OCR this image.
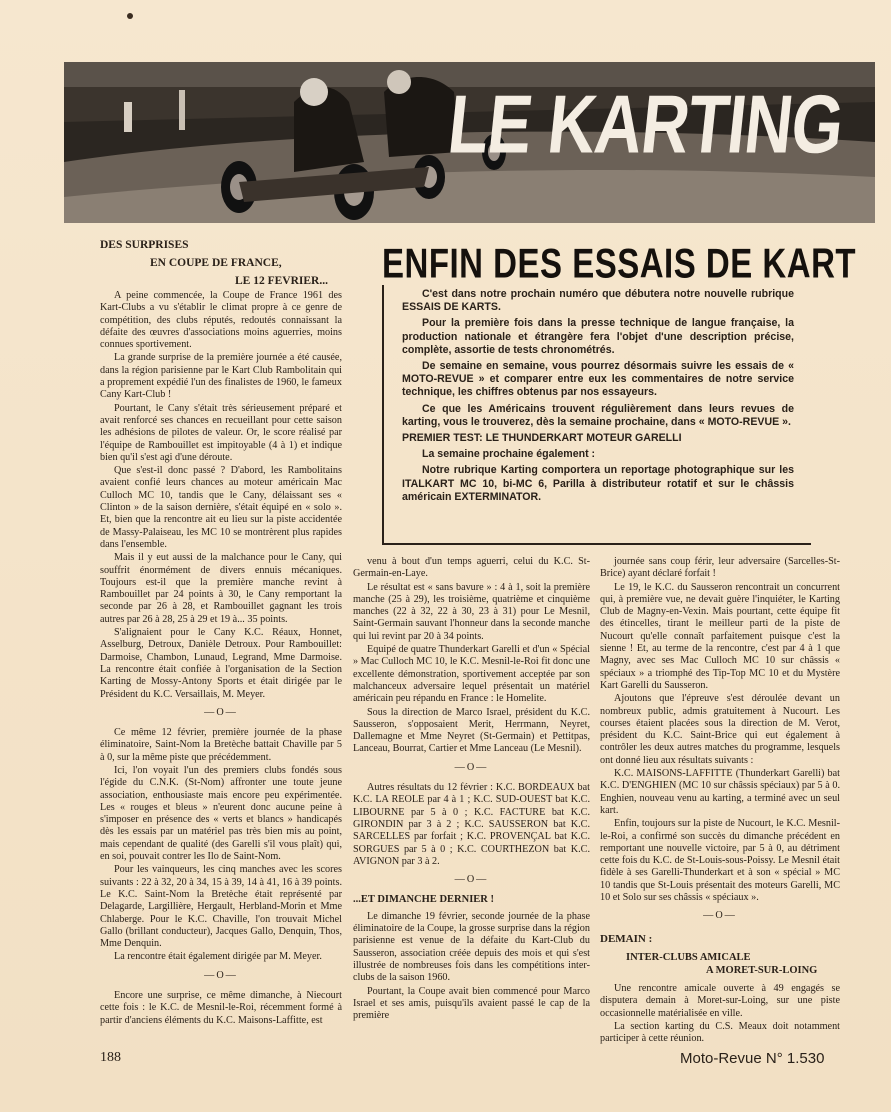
LE KARTING
DES SURPRISES
EN COUPE DE FRANCE,
LE 12 FEVRIER...	ENFIN DES ESSAIS DE KART

C'est dans notre prochain numéro que débutera notre nouvelle rubrique ESSAIS DE KARTS.

Pour la première fois dans la presse technique de langue française, la production nationale et étrangère fera l'objet d'une description précise, complète, assortie de tests chronométrés.

De semaine en semaine, vous pourrez désormais suivre les essais de « MOTO-REVUE » et comparer entre eux les commentaires de notre service technique, les chiffres obtenus par nos essayeurs.

Ce que les Américains trouvent régulièrement dans leurs revues de karting, vous le trouverez, dès la semaine prochaine, dans « MOTO-REVUE ».

PREMIER TEST: LE THUNDERKART MOTEUR GARELLI

La semaine prochaine également :

Notre rubrique Karting comportera un reportage photographique sur les ITALKART MC 10, bi-MC 6, Parilla à distributeur rotatif et sur le châssis américain EXTERMINATOR.

A peine commencée, la Coupe de France 1961 des Kart-Clubs a vu s'établir le climat propre à ce genre de compétition, des clubs réputés, redoutés connaissant la défaite des œuvres d'associations moins aguerries, moins connues sportivement.

La grande surprise de la première journée a été causée, dans la région parisienne par le Kart Club Rambolitain qui a proprement expédié l'un des finalistes de 1960, le fameux Cany Kart-Club !

Pourtant, le Cany s'était très sérieusement préparé et avait renforcé ses chances en recueillant pour cette saison les adhésions de pilotes de valeur. Or, le score réalisé par l'équipe de Rambouillet est impitoyable (4 à 1) et indique bien qu'il s'est agi d'une déroute.

Que s'est-il donc passé ? D'abord, les Rambolitains avaient confié leurs chances au moteur américain Mac Culloch MC 10, tandis que le Cany, délaissant ses « Clinton » de la saison dernière, s'était équipé en « solo ». Et, bien que la rencontre ait eu lieu sur la piste accidentée de Massy-Palaiseau, les MC 10 se montrèrent plus rapides dans l'ensemble.

Mais il y eut aussi de la malchance pour le Cany, qui souffrit énormément de divers ennuis mécaniques. Toujours est-il que la première manche revint à Rambouillet par 24 points à 30, le Cany remportant la seconde par 26 à 28, et Rambouillet gagnant les trois autres par 26 à 28, 25 à 29 et 19 à... 35 points.

S'alignaient pour le Cany K.C. Réaux, Honnet, Asselburg, Detroux, Danièle Detroux. Pour Rambouillet: Darmoise, Chambon, Lunaud, Legrand, Mme Darmoise. La rencontre était confiée à l'organisation de la Section Karting de Mossy-Antony Sports et était dirigée par le Président du K.C. Versaillais, M. Meyer.

—O—

Ce même 12 février, première journée de la phase éliminatoire, Saint-Nom la Bretèche battait Chaville par 5 à 0, sur la même piste que précédemment.

Ici, l'on voyait l'un des premiers clubs fondés sous l'égide du C.N.K. (St-Nom) affronter une toute jeune association, enthousiaste mais encore peu expérimentée. Les « rouges et bleus » n'eurent donc aucune peine à s'imposer en présence des « verts et blancs » handicapés dès les essais par un matériel pas très bien mis au point, mais cependant de qualité (des Garelli s'il vous plaît) qui, en soi, pouvait contrer les Ilo de Saint-Nom.

Pour les vainqueurs, les cinq manches avec les scores suivants : 22 à 32, 20 à 34, 15 à 39, 14 à 41, 16 à 39 points. Le K.C. Saint-Nom la Bretèche était représenté par Delagarde, Largillière, Hergault, Herbland-Morin et Mme Chlaberge. Pour le K.C. Chaville, l'on trouvait Michel Gallo (brillant conducteur), Jacques Gallo, Denquin, Thos, Mme Denquin.

La rencontre était également dirigée par M. Meyer.

—O—

Encore une surprise, ce même dimanche, à Niecourt cette fois : le K.C. de Mesnil-le-Roi, récemment formé à partir d'anciens éléments du K.C. Maisons-Laffitte, est

venu à bout d'un temps aguerri, celui du K.C. St-Germain-en-Laye.

Le résultat est « sans bavure » : 4 à 1, soit la première manche (25 à 29), les troisième, quatrième et cinquième manches (22 à 32, 22 à 30, 23 à 31) pour Le Mesnil, Saint-Germain sauvant l'honneur dans la seconde manche qui lui revint par 20 à 34 points.

Equipé de quatre Thunderkart Garelli et d'un « Spécial » Mac Culloch MC 10, le K.C. Mesnil-le-Roi fit donc une excellente démonstration, sportivement acceptée par son malchanceux adversaire lequel présentait un matériel américain peu répandu en France : le Homelite.

Sous la direction de Marco Israel, président du K.C. Sausseron, s'opposaient Merit, Herrmann, Neyret, Dallemagne et Mme Neyret (St-Germain) et Pettitpas, Lanceau, Bourrat, Cartier et Mme Lanceau (Le Mesnil).

—O—

Autres résultats du 12 février : K.C. BORDEAUX bat K.C. LA REOLE par 4 à 1 ; K.C. SUD-OUEST bat K.C. LIBOURNE par 5 à 0 ; K.C. FACTURE bat K.C. GIRONDIN par 3 à 2 ; K.C. SAUSSERON bat K.C. SARCELLES par forfait ; K.C. PROVENÇAL bat K.C. SORGUES par 5 à 0 ; K.C. COURTHEZON bat K.C. AVIGNON par 3 à 2.

—O—
...ET DIMANCHE DERNIER !

Le dimanche 19 février, seconde journée de la phase éliminatoire de la Coupe, la grosse surprise dans la région parisienne est venue de la défaite du Kart-Club du Sausseron, association créée depuis des mois et qui s'est illustrée de nombreuses fois dans les compétitions inter-clubs de la saison 1960.

Pourtant, la Coupe avait bien commencé pour Marco Israel et ses amis, puisqu'ils avaient passé le cap de la première

journée sans coup férir, leur adversaire (Sarcelles-St-Brice) ayant déclaré forfait !

Le 19, le K.C. du Sausseron rencontrait un concurrent qui, à première vue, ne devait guère l'inquiéter, le Karting Club de Magny-en-Vexin. Mais pourtant, cette équipe fit des étincelles, tirant le meilleur parti de la piste de Nucourt qu'elle connaît parfaitement puisque c'est la sienne ! Et, au terme de la rencontre, c'est par 4 à 1 que Magny, avec ses Mac Culloch MC 10 sur châssis « spéciaux » a triomphé des Tip-Top MC 10 et du Mystère Kart Garelli du Sausseron.

Ajoutons que l'épreuve s'est déroulée devant un nombreux public, admis gratuitement à Nucourt. Les courses étaient placées sous la direction de M. Verot, président du K.C. Saint-Brice qui eut également à contrôler les deux autres matches du programme, lesquels ont donné lieu aux résultats suivants :

K.C. MAISONS-LAFFITTE (Thunderkart Garelli) bat K.C. D'ENGHIEN (MC 10 sur châssis spéciaux) par 5 à 0. Enghien, nouveau venu au karting, a terminé avec un seul kart.

Enfin, toujours sur la piste de Nucourt, le K.C. Mesnil-le-Roi, a confirmé son succès du dimanche précédent en remportant une nouvelle victoire, par 5 à 0, au détriment cette fois du K.C. de St-Louis-sous-Poissy. Le Mesnil était fidèle à ses Garelli-Thunderkart et à son « spécial » MC 10 tandis que St-Louis présentait des moteurs Garelli, MC 10 et Solo sur ses châssis « spéciaux ».

—O—
DEMAIN :
INTER-CLUBS AMICALE
A MORET-SUR-LOING

Une rencontre amicale ouverte à 49 engagés se disputera demain à Moret-sur-Loing, sur une piste occasionnelle matérialisée en ville.

La section karting du C.S. Meaux doit notamment participer à cette réunion.

188	Moto-Revue N° 1.530
